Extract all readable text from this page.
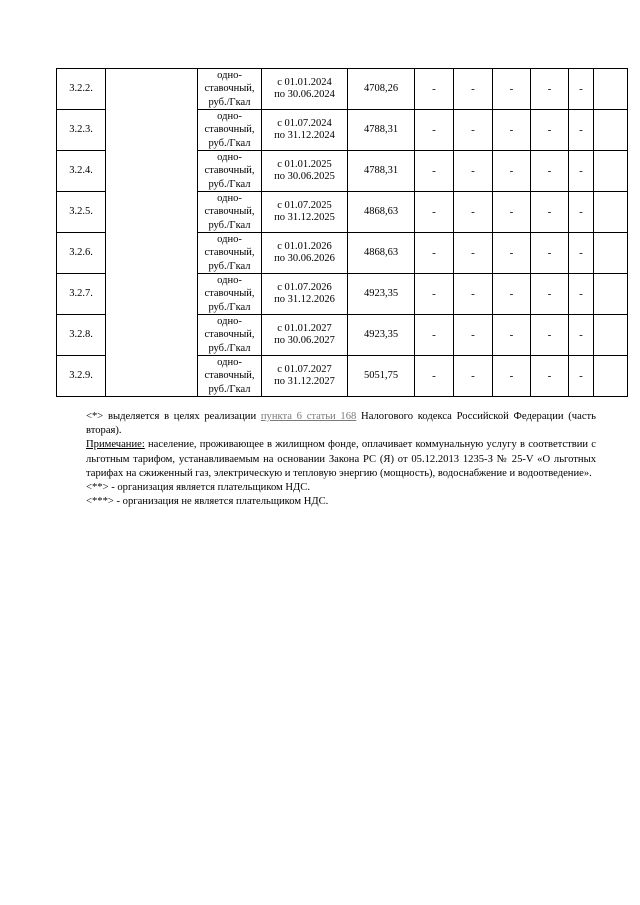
3.2.2.		одно-
ставочный,
руб./Гкал	с 01.01.2024
по 30.06.2024	4708,26	-	-	-	-	-	
3.2.3.		одно-
ставочный,
руб./Гкал	с 01.07.2024
по 31.12.2024	4788,31	-	-	-	-	-	
3.2.4.		одно-
ставочный,
руб./Гкал	с 01.01.2025
по 30.06.2025	4788,31	-	-	-	-	-	
3.2.5.		одно-
ставочный,
руб./Гкал	с 01.07.2025
по 31.12.2025	4868,63	-	-	-	-	-	
3.2.6.		одно-
ставочный,
руб./Гкал	с 01.01.2026
по 30.06.2026	4868,63	-	-	-	-	-	
3.2.7.		одно-
ставочный,
руб./Гкал	с 01.07.2026
по 31.12.2026	4923,35	-	-	-	-	-	
3.2.8.		одно-
ставочный,
руб./Гкал	с 01.01.2027
по 30.06.2027	4923,35	-	-	-	-	-	
3.2.9.		одно-
ставочный,
руб./Гкал	с 01.07.2027
по 31.12.2027	5051,75	-	-	-	-	-	

<*> выделяется в целях реализации пункта 6 статьи 168 Налогового кодекса Российской Федерации (часть вторая).

Примечание: население, проживающее в жилищном фонде, оплачивает коммунальную услугу в соответствии с льготным тарифом, устанавливаемым на основании Закона РС (Я) от 05.12.2013 1235-З № 25-V «О льготных тарифах на сжиженный газ, электрическую и тепловую энергию (мощность), водоснабжение и водоотведение».

<**> - организация является плательщиком НДС.

<***> - организация не является плательщиком НДС.
